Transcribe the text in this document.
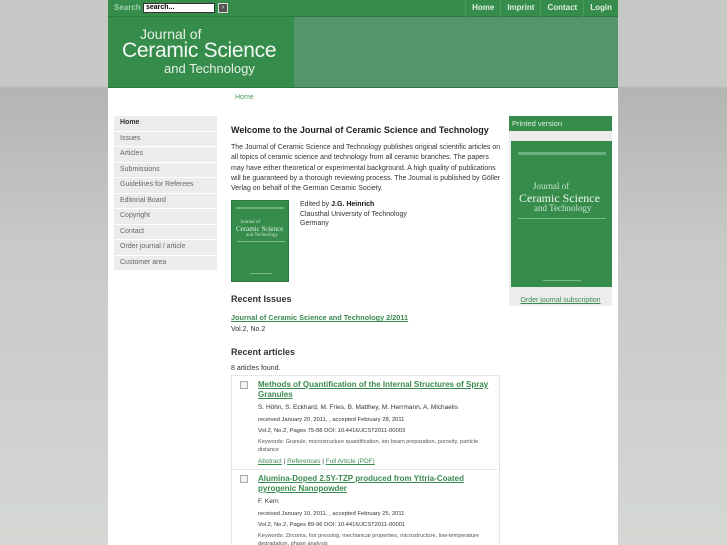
Search search...	›	Home	Imprint	Contact	Login
Journal of
Ceramic Science
and Technology
Home
Home
Issues
Articles
Submissions
Guidelines for Referees
Editorial Board
Copyright
Contact
Order journal / article
Customer area
Welcome to the Journal of Ceramic Science and Technology
The Journal of Ceramic Science and Technology publishes original scientific articles on all topics of ceramic science and technology from all ceramic branches. The papers may have either theoretical or experimental background. A high quality of publications will be guaranteed by a thorough reviewing process. The Journal is published by Göller Verlag on behalf of the German Ceramic Society.
Journal of
Ceramic Science
and Technology
Edited by J.G. Heinrich
Clausthal University of Technology
Germany
Recent Issues
Journal of Ceramic Science and Technology 2/2011
Vol.2, No.2
Recent articles
8 articles found.
Methods of Quantification of the Internal Structures of Spray Granules
S. Höhn, S. Eckhard, M. Fries, B. Matthey, M. Herrmann, A. Michaelis
received January 20, 2011, , accepted February 28, 2011
Vol.2, No.2, Pages 75-88 DOI: 10.4416/JCST2011-00003
Keywords: Granule, microstructure quantification, ion beam preparation, porosity, particle distance
Abstract | References | Full Article (PDF)
Alumina-Doped 2.5Y-TZP produced from Yttria-Coated pyrogenic Nanopowder
F. Kern
received January 10, 2011, , accepted February 25, 2011
Vol.2, No.2, Pages 89-96 DOI: 10.4416/JCST2011-00001
Keywords: Zirconia, hot pressing, mechanical properties, microstructure, low-temperature degradation, phase analysis
Printed version
Journal of
Ceramic Science
and Technology
Order journal subscription
